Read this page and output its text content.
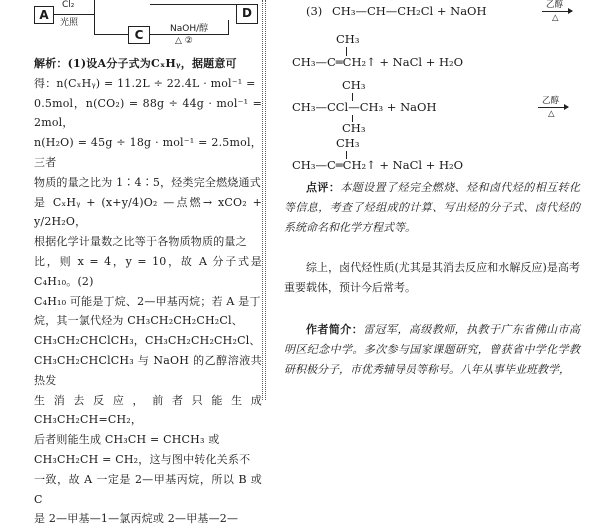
A
Cl₂
光照
C	NaOH/醇
△ ②
D

解析：(1)设A分子式为CₓHᵧ，据题意可

得：n(CₓHᵧ) = 11.2L ÷ 22.4L · mol⁻¹ =

0.5mol，n(CO₂) = 88g ÷ 44g · mol⁻¹ = 2mol，

n(H₂O) = 45g ÷ 18g · mol⁻¹ = 2.5mol，三者

物质的量之比为 1∶4∶5，烃类完全燃烧通式

是 CₓHᵧ + (x+y/4)O₂ —点燃→ xCO₂ + y/2H₂O，

根据化学计量数之比等于各物质物质的量之

比，则 x = 4，y = 10，故 A 分子式是 C₄H₁₀。(2)

C₄H₁₀ 可能是丁烷、2—甲基丙烷；若 A 是丁

烷，其一氯代烃为 CH₃CH₂CH₂CH₂Cl、

CH₃CH₂CHClCH₃，CH₃CH₂CH₂CH₂Cl、

CH₃CH₂CHClCH₃ 与 NaOH 的乙醇溶液共热发

生消去反应，前者只能生成 CH₃CH₂CH=CH₂，

后者则能生成 CH₃CH = CHCH₃ 或

CH₃CH₂CH = CH₂，这与图中转化关系不

一致，故 A 一定是 2—甲基丙烷，所以 B 或 C

是 2—甲基—1—氯丙烷或 2—甲基—2—

(3) CH₃—CH—CH₂Cl + NaOH	乙醇
△
CH₃
CH₃—C═CH₂↑ + NaCl + H₂O
CH₃
CH₃—CCl—CH₃ + NaOH	乙醇
△
CH₃
CH₃
CH₃—C═CH₂↑ + NaCl + H₂O

点评：本题设置了烃完全燃烧、烃和卤代烃的相互转化等信息，考查了烃组成的计算、写出烃的分子式、卤代烃的系统命名和化学方程式等。

综上，卤代烃性质(尤其是其消去反应和水解反应)是高考重要载体，预计今后常考。

作者简介：雷冠军，高级教师，执教于广东省佛山市高明区纪念中学。多次参与国家课题研究，曾获省中学化学教研积极分子，市优秀辅导员等称号。八年从事毕业班教学，
